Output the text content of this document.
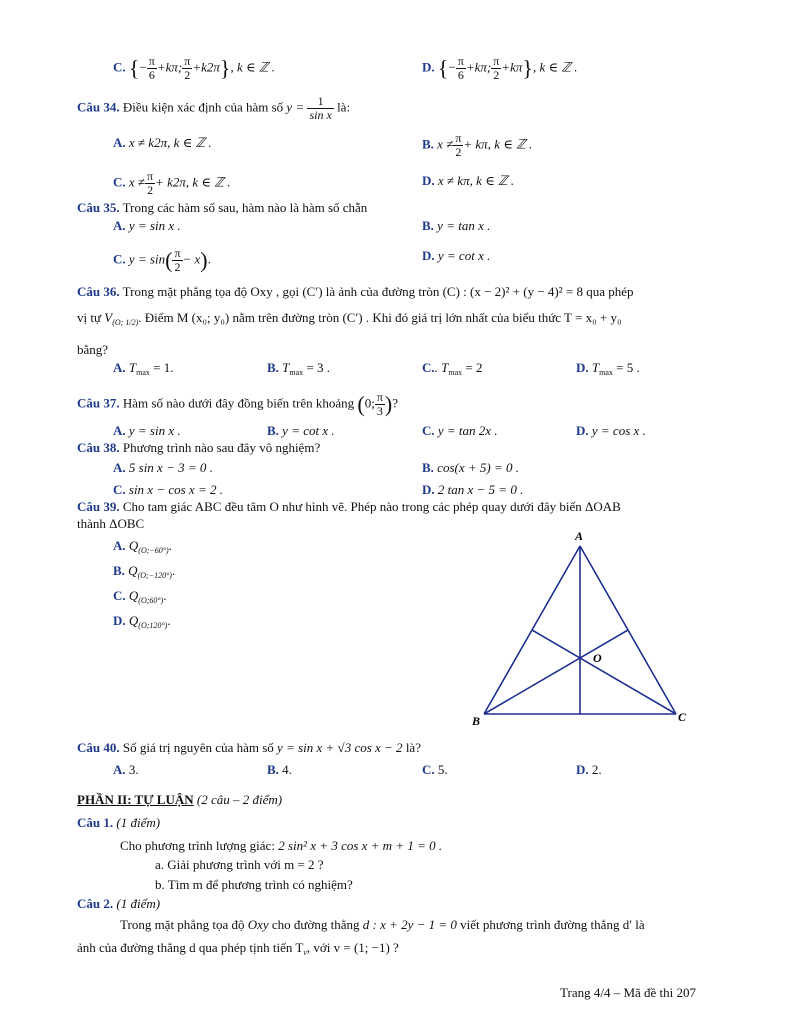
C. {− $\frac{\pi}{6} +k\pi$; $\frac{\pi}{2} +k2\pi$}, k ∈ ℤ .	D. {− $\frac{\pi}{6} +k\pi$; $\frac{\pi}{2} +k\pi$}, k ∈ ℤ .
Câu 34. Điều kiện xác định của hàm số $y = \frac{1}{\text{sin x}}$ là:
A. x ≠ k2π, k ∈ ℤ .	B. $x \ne \frac{\pi}{2} + k\pi$, k ∈ ℤ .
C. $x \ne \frac{\pi}{2} + k2\pi$, k ∈ ℤ .	D. x ≠ kπ, k ∈ ℤ .
Câu 35. Trong các hàm số sau, hàm nào là hàm số chẵn
A. y = sin x .	B. y = tan x .
C. $y = \sin( \frac{\pi}{2} - x)$.	D. y = cot x .
Câu 36. Trong mặt phẳng tọa độ Oxy , gọi (C′) là ảnh của đường tròn (C) : (x − 2)² + (y − 4)² = 8 qua phép
vị tự $V_{(O; 1/2)}$. Điểm M (x₀; y₀) nằm trên đường tròn (C′) . Khi đó giá trị lớn nhất của biểu thức T = x₀ + y₀
bằng?
A. $T_{max} = 1$.	B. $T_{max} = 3$ .	C.. $T_{max} = 2$	D. $T_{max} = 5$ .
Câu 37. Hàm số nào dưới đây đồng biến trên khoảng (0; $\frac{\pi}{3}$ )?
A. y = sin x .	B. y = cot x .	C. y = tan 2x .	D. y = cos x .
Câu 38. Phương trình nào sau đây vô nghiệm?
A. 5 sin x − 3 = 0 .	B. cos(x + 5) = 0 .
C. sin x − cos x = 2 .	D. 2 tan x − 5 = 0 .
Câu 39. Cho tam giác ABC đều tâm O như hình vẽ. Phép nào trong các phép quay dưới đây biến ΔOAB
thành ΔOBC
A. $Q_{(O;-60^\circ)}$.
B. $Q_{(O;-120^\circ)}$.
C. $Q_{(O;60^\circ)}$.
D. $Q_{(O;120^\circ)}$.
A
B	C
O
Câu 40. Số giá trị nguyên của hàm số y = sin x + √3 cos x − 2 là?
A. 3.	B. 4.	C. 5.	D. 2.
PHẦN II: TỰ LUẬN (2 câu – 2 điểm)
Câu 1. (1 điểm)
Cho phương trình lượng giác: 2 sin² x + 3 cos x + m + 1 = 0 .
a. Giải phương trình với m = 2 ?
b. Tìm m để phương trình có nghiệm?
Câu 2. (1 điểm)
Trong mặt phẳng tọa độ Oxy cho đường thẳng d : x + 2y − 1 = 0 viết phương trình đường thẳng d′ là
ảnh của đường thẳng d qua phép tịnh tiến $T_v$, với v = (1; −1) ?
Trang 4/4 – Mã đề thi 207
